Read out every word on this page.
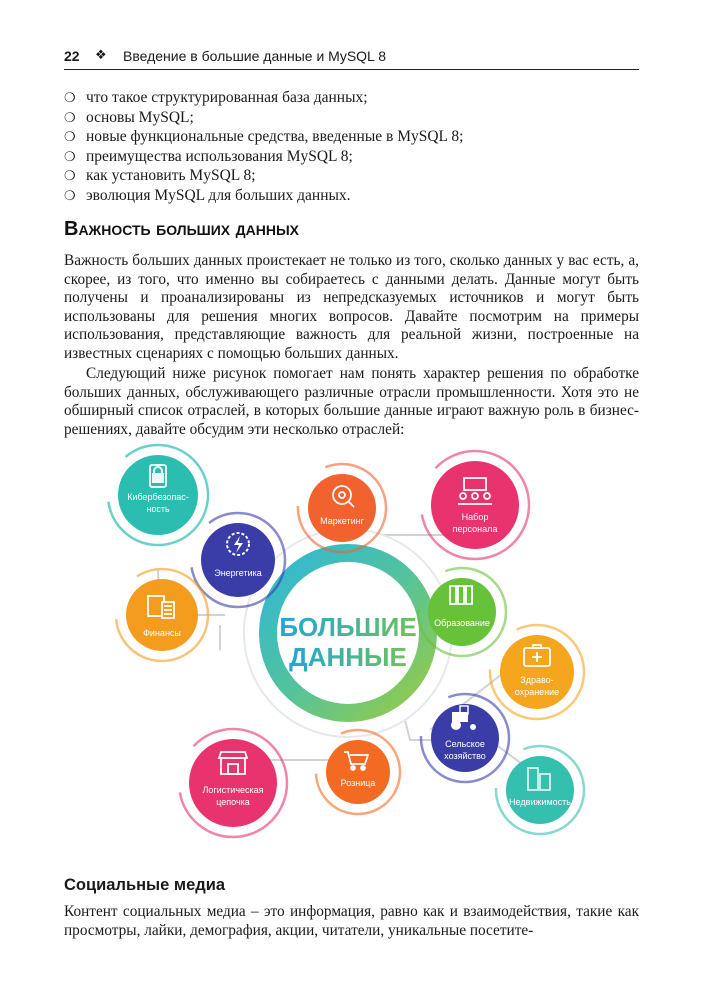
22 ❖ Введение в большие данные и MySQL 8
❍ что такое структурированная база данных;
❍ основы MySQL;
❍ новые функциональные средства, введенные в MySQL 8;
❍ преимущества использования MySQL 8;
❍ как установить MySQL 8;
❍ эволюция MySQL для больших данных.
Важность больших данных

Важность больших данных проистекает не только из того, сколько данных у вас есть, а, скорее, из того, что именно вы собираетесь с данными делать. Данные могут быть получены и проанализированы из непредсказуемых источников и могут быть использованы для решения многих вопросов. Давайте посмотрим на примеры использования, представляющие важность для реальной жизни, построенные на известных сценариях с помощью больших данных.

Следующий ниже рисунок помогает нам понять характер решения по обработке больших данных, обслуживающего различные отрасли промышленности. Хотя это не обширный список отраслей, в которых большие данные играют важную роль в бизнес-решениях, давайте обсудим эти несколько отраслей:

БОЛЬШИЕ
ДАННЫЕ
Кибербезопас-
ность
Энергетика
Финансы
Маркетинг	Набор
персонала
Образование
Здраво-
охранение
Сельское
хозяйство
Недвижимость
Розница
Логистическая
цепочка
Социальные медиа

Контент социальных медиа – это информация, равно как и взаимодействия, такие как просмотры, лайки, демография, акции, читатели, уникальные посетите-
